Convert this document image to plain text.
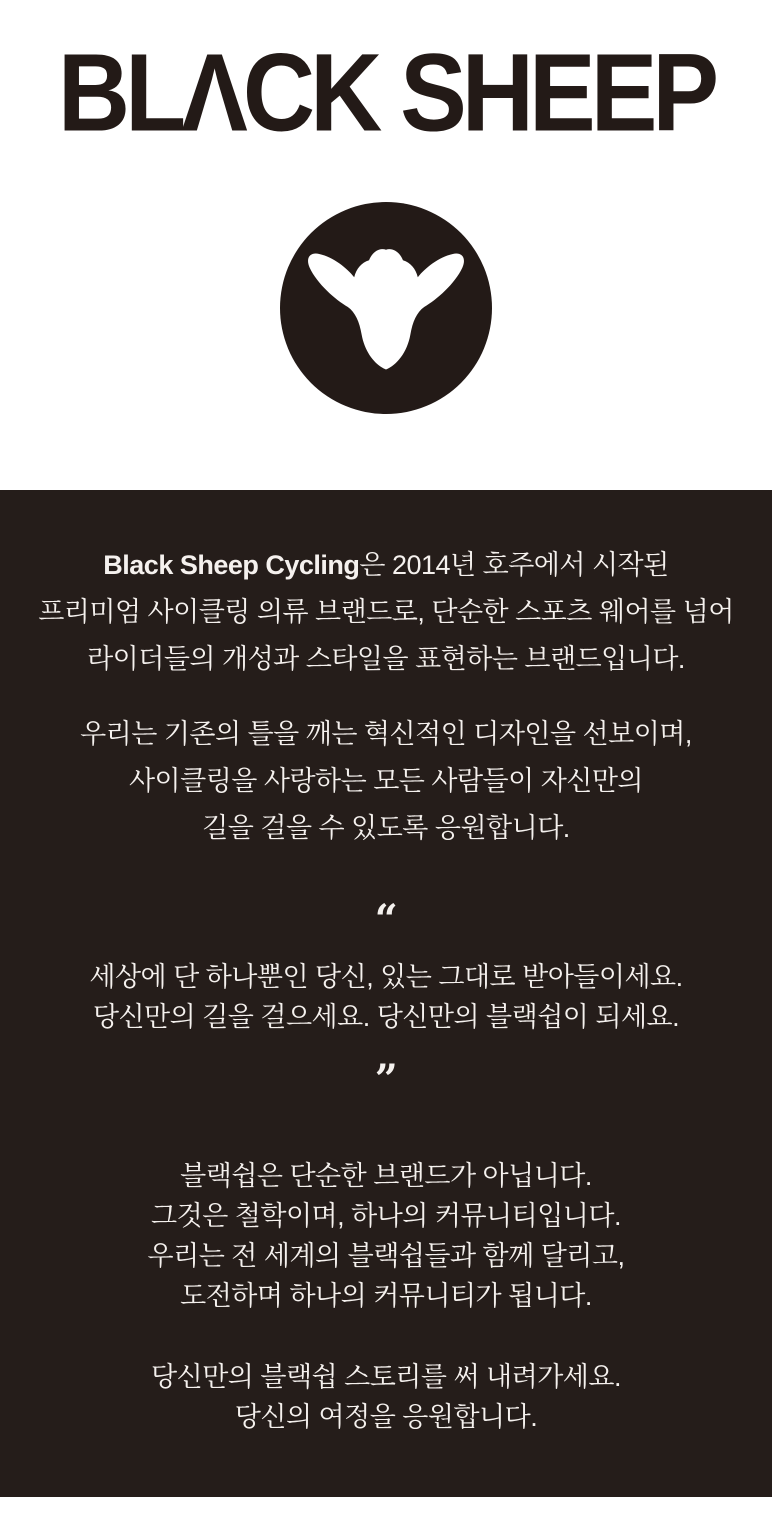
BLΛCK SHEEP
Black Sheep Cycling은 2014년 호주에서 시작된
프리미엄 사이클링 의류 브랜드로, 단순한 스포츠 웨어를 넘어
라이더들의 개성과 스타일을 표현하는 브랜드입니다.
우리는 기존의 틀을 깨는 혁신적인 디자인을 선보이며,
사이클링을 사랑하는 모든 사람들이 자신만의
길을 걸을 수 있도록 응원합니다.
“
세상에 단 하나뿐인 당신, 있는 그대로 받아들이세요.
당신만의 길을 걸으세요. 당신만의 블랙쉽이 되세요.
”
블랙쉽은 단순한 브랜드가 아닙니다.
그것은 철학이며, 하나의 커뮤니티입니다.
우리는 전 세계의 블랙쉽들과 함께 달리고,
도전하며 하나의 커뮤니티가 됩니다.
당신만의 블랙쉽 스토리를 써 내려가세요.
당신의 여정을 응원합니다.
